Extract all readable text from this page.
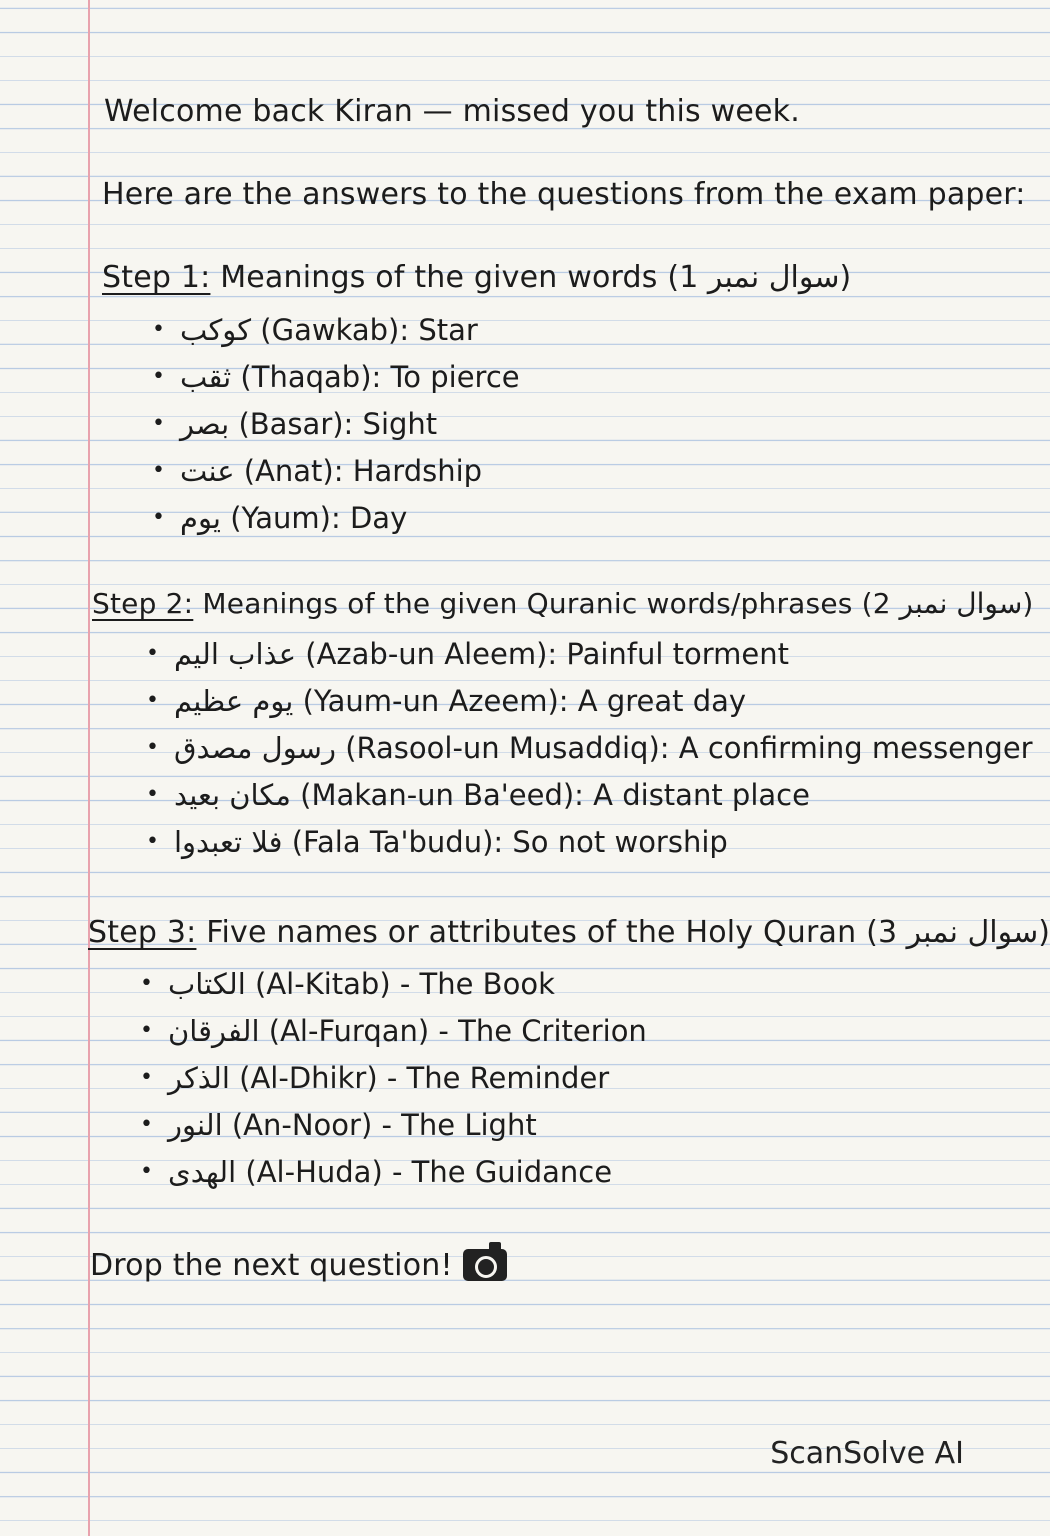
Welcome back Kiran — missed you this week.
Here are the answers to the questions from the exam paper:
Step 1: Meanings of the given words (سوال نمبر 1)
• کوکب (Gawkab): Star
• ثقب (Thaqab): To pierce
• بصر (Basar): Sight
• عنت (Anat): Hardship
• یوم (Yaum): Day
Step 2: Meanings of the given Quranic words/phrases (سوال نمبر 2)
• عذاب الیم (Azab-un Aleem): Painful torment
• یوم عظیم (Yaum-un Azeem): A great day
• رسول مصدق (Rasool-un Musaddiq): A confirming messenger
• مکان بعید (Makan-un Ba'eed): A distant place
• فلا تعبدوا (Fala Ta'budu): So not worship
Step 3: Five names or attributes of the Holy Quran (سوال نمبر 3)
• الکتاب (Al-Kitab) - The Book
• الفرقان (Al-Furqan) - The Criterion
• الذکر (Al-Dhikr) - The Reminder
• النور (An-Noor) - The Light
• الهدی (Al-Huda) - The Guidance
Drop the next question!
ScanSolve AI
